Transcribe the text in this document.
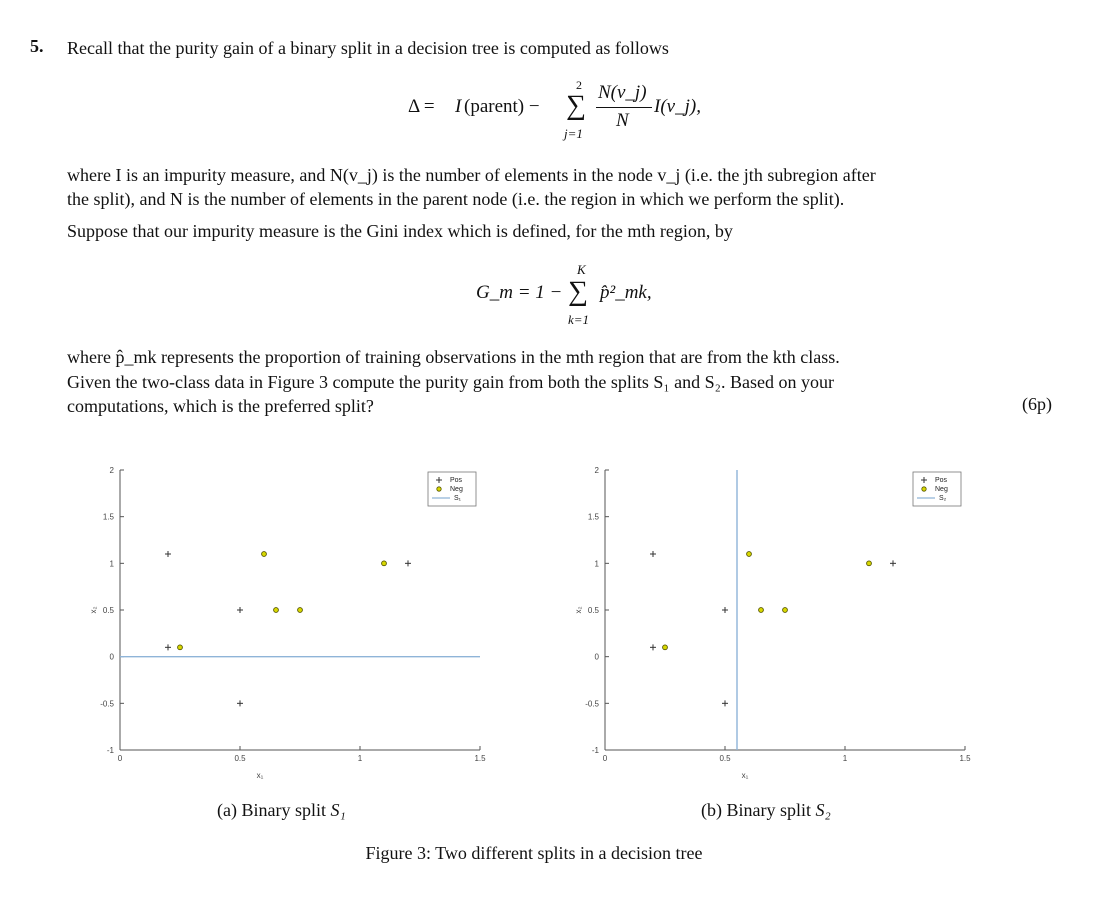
5. Recall that the purity gain of a binary split in a decision tree is computed as follows
Δ = I (parent) −
2
∑
j=1
N(v_j)
N
I(v_j),
where I is an impurity measure, and N(v_j) is the number of elements in the node v_j (i.e. the jth subregion after
the split), and N is the number of elements in the parent node (i.e. the region in which we perform the split).
Suppose that our impurity measure is the Gini index which is defined, for the mth region, by
G_m = 1 −
K
∑
k=1
p̂²_mk,
where p̂_mk represents the proportion of training observations in the mth region that are from the kth class.
Given the two-class data in Figure 3 compute the purity gain from both the splits S₁ and S₂. Based on your
computations, which is the preferred split?	(6p)
0	0.5	1	1.5
-1
-0.5
0
0.5
1
1.5
2
x₁
x₂
Pos
Neg
S₁
0	0.5	1	1.5
-1
-0.5
0
0.5
1
1.5
2
x₁
x₂
Pos
Neg
S₂
(a) Binary split S₁	(b) Binary split S₂
Figure 3: Two different splits in a decision tree
